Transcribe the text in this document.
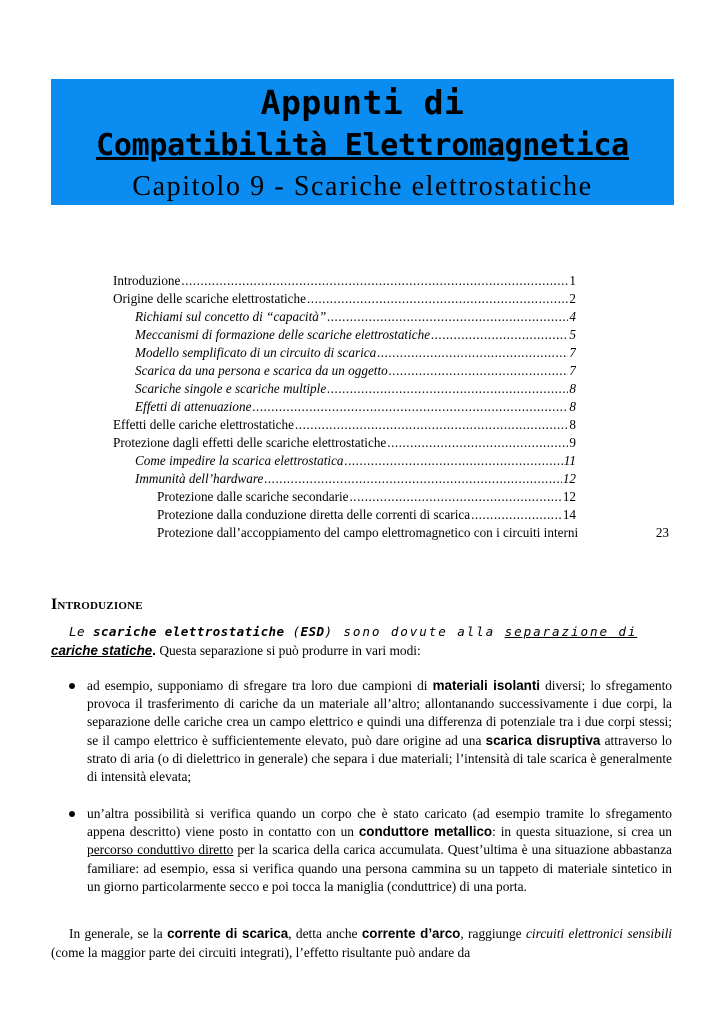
Appunti di
Compatibilità Elettromagnetica
Capitolo 9 - Scariche elettrostatiche
Introduzione .....	1
Origine delle scariche elettrostatiche .....	2
Richiami sul concetto di “capacità” .....	4
Meccanismi di formazione delle scariche elettrostatiche .....	5
Modello semplificato di un circuito di scarica .....	7
Scarica da una persona e scarica da un oggetto .....	7
Scariche singole e scariche multiple .....	8
Effetti di attenuazione .....	8
Effetti delle cariche elettrostatiche .....	8
Protezione dagli effetti delle scariche elettrostatiche .....	9
Come impedire la scarica elettrostatica .....	11
Immunità dell’hardware .....	12
Protezione dalle scariche secondarie .....	12
Protezione dalla conduzione diretta delle correnti di scarica .....	14
Protezione dall’accoppiamento del campo elettromagnetico con i circuiti interni	23
Introduzione
Le scariche elettrostatiche (ESD) sono dovute alla separazione di
cariche statiche. Questa separazione si può produrre in vari modi:
ad esempio, supponiamo di sfregare tra loro due campioni di materiali isolanti diversi; lo sfregamento provoca il trasferimento di cariche da un materiale all’altro; allontanando successivamente i due corpi, la separazione delle cariche crea un campo elettrico e quindi una differenza di potenziale tra i due corpi stessi; se il campo elettrico è sufficientemente elevato, può dare origine ad una scarica disruptiva attraverso lo strato di aria (o di dielettrico in generale) che separa i due materiali; l’intensità di tale scarica è generalmente di intensità elevata;
un’altra possibilità si verifica quando un corpo che è stato caricato (ad esempio tramite lo sfregamento appena descritto) viene posto in contatto con un conduttore metallico: in questa situazione, si crea un percorso conduttivo diretto per la scarica della carica accumulata. Quest’ultima è una situazione abbastanza familiare: ad esempio, essa si verifica quando una persona cammina su un tappeto di materiale sintetico in un giorno particolarmente secco e poi tocca la maniglia (conduttrice) di una porta.
In generale, se la corrente di scarica, detta anche corrente d’arco, raggiunge circuiti elettronici sensibili (come la maggior parte dei circuiti integrati), l’effetto risultante può andare da
